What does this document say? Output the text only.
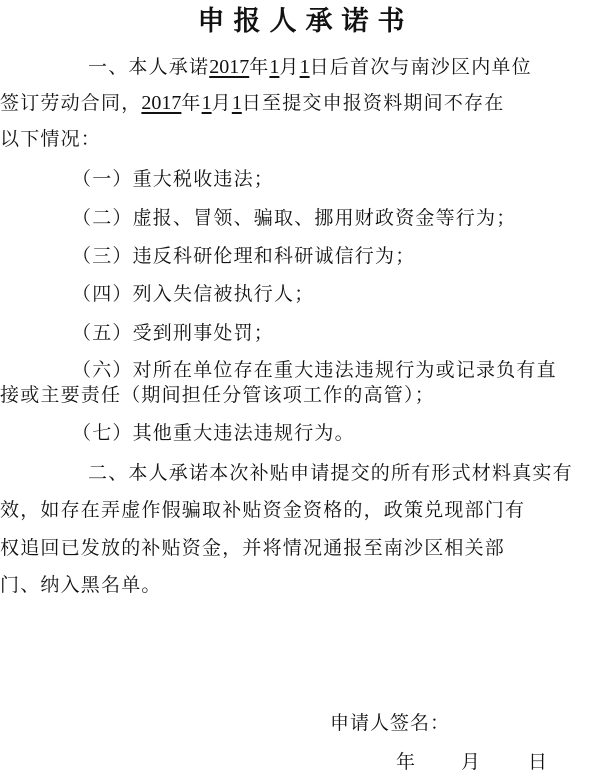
申报人承诺书
一、本人承诺2017年1月1日后首次与南沙区内单位
签订劳动合同，2017年1月1日至提交申报资料期间不存在
以下情况：
（一）重大税收违法；
（二）虚报、冒领、骗取、挪用财政资金等行为；
（三）违反科研伦理和科研诚信行为；
（四）列入失信被执行人；
（五）受到刑事处罚；
（六）对所在单位存在重大违法违规行为或记录负有直
接或主要责任（期间担任分管该项工作的高管）；
（七）其他重大违法违规行为。
二、本人承诺本次补贴申请提交的所有形式材料真实有
效，如存在弄虚作假骗取补贴资金资格的，政策兑现部门有
权追回已发放的补贴资金，并将情况通报至南沙区相关部
门、纳入黑名单。
申请人签名：
年 月 日
